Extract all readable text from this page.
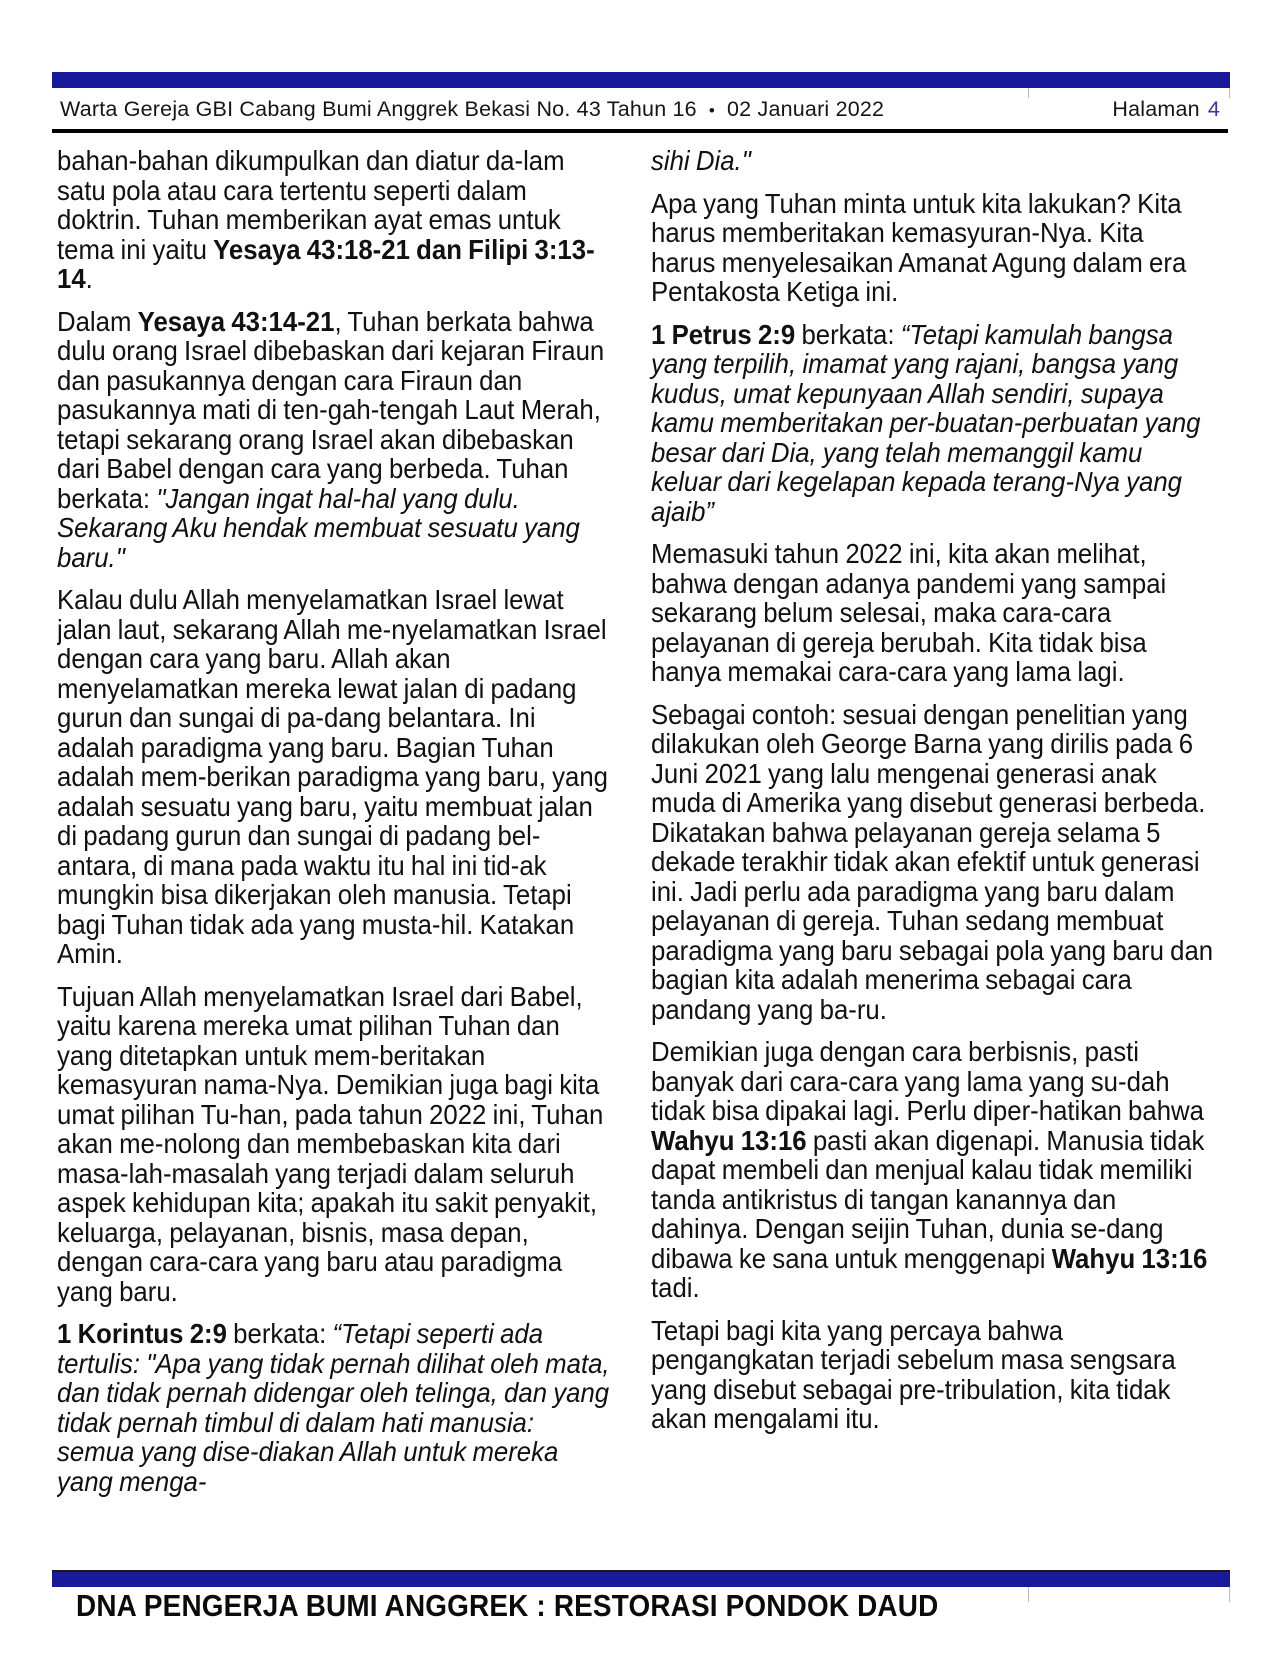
Warta Gereja GBI Cabang Bumi Anggrek Bekasi No. 43 Tahun 16 • 02 Januari 2022	Halaman 4

bahan-bahan dikumpulkan dan diatur da-lam satu pola atau cara tertentu seperti dalam doktrin. Tuhan memberikan ayat emas untuk tema ini yaitu Yesaya 43:18-21 dan Filipi 3:13-14.

Dalam Yesaya 43:14-21, Tuhan berkata bahwa dulu orang Israel dibebaskan dari kejaran Firaun dan pasukannya dengan cara Firaun dan pasukannya mati di ten-gah-tengah Laut Merah, tetapi sekarang orang Israel akan dibebaskan dari Babel dengan cara yang berbeda. Tuhan berkata: "Jangan ingat hal-hal yang dulu. Sekarang Aku hendak membuat sesuatu yang baru."

Kalau dulu Allah menyelamatkan Israel lewat jalan laut, sekarang Allah me-nyelamatkan Israel dengan cara yang baru. Allah akan menyelamatkan mereka lewat jalan di padang gurun dan sungai di pa-dang belantara. Ini adalah paradigma yang baru. Bagian Tuhan adalah mem-berikan paradigma yang baru, yang adalah sesuatu yang baru, yaitu membuat jalan di padang gurun dan sungai di padang bel-antara, di mana pada waktu itu hal ini tid-ak mungkin bisa dikerjakan oleh manusia. Tetapi bagi Tuhan tidak ada yang musta-hil. Katakan Amin.

Tujuan Allah menyelamatkan Israel dari Babel, yaitu karena mereka umat pilihan Tuhan dan yang ditetapkan untuk mem-beritakan kemasyuran nama-Nya. Demikian juga bagi kita umat pilihan Tu-han, pada tahun 2022 ini, Tuhan akan me-nolong dan membebaskan kita dari masa-lah-masalah yang terjadi dalam seluruh aspek kehidupan kita; apakah itu sakit penyakit, keluarga, pelayanan, bisnis, masa depan, dengan cara-cara yang baru atau paradigma yang baru.

1 Korintus 2:9 berkata: “Tetapi seperti ada tertulis: "Apa yang tidak pernah dilihat oleh mata, dan tidak pernah didengar oleh telinga, dan yang tidak pernah timbul di dalam hati manusia: semua yang dise-diakan Allah untuk mereka yang menga-

sihi Dia."

Apa yang Tuhan minta untuk kita lakukan? Kita harus memberitakan kemasyuran-Nya. Kita harus menyelesaikan Amanat Agung dalam era Pentakosta Ketiga ini.

1 Petrus 2:9 berkata: “Tetapi kamulah bangsa yang terpilih, imamat yang rajani, bangsa yang kudus, umat kepunyaan Allah sendiri, supaya kamu memberitakan per-buatan-perbuatan yang besar dari Dia, yang telah memanggil kamu keluar dari kegelapan kepada terang-Nya yang ajaib”

Memasuki tahun 2022 ini, kita akan melihat, bahwa dengan adanya pandemi yang sampai sekarang belum selesai, maka cara-cara pelayanan di gereja berubah. Kita tidak bisa hanya memakai cara-cara yang lama lagi.

Sebagai contoh: sesuai dengan penelitian yang dilakukan oleh George Barna yang dirilis pada 6 Juni 2021 yang lalu mengenai generasi anak muda di Amerika yang disebut generasi berbeda. Dikatakan bahwa pelayanan gereja selama 5 dekade terakhir tidak akan efektif untuk generasi ini. Jadi perlu ada paradigma yang baru dalam pelayanan di gereja. Tuhan sedang membuat paradigma yang baru sebagai pola yang baru dan bagian kita adalah menerima sebagai cara pandang yang ba-ru.

Demikian juga dengan cara berbisnis, pasti banyak dari cara-cara yang lama yang su-dah tidak bisa dipakai lagi. Perlu diper-hatikan bahwa Wahyu 13:16 pasti akan digenapi. Manusia tidak dapat membeli dan menjual kalau tidak memiliki tanda antikristus di tangan kanannya dan dahinya. Dengan seijin Tuhan, dunia se-dang dibawa ke sana untuk menggenapi Wahyu 13:16 tadi.

Tetapi bagi kita yang percaya bahwa pengangkatan terjadi sebelum masa sengsara yang disebut sebagai pre-tribulation, kita tidak akan mengalami itu.

DNA PENGERJA BUMI ANGGREK : RESTORASI PONDOK DAUD
